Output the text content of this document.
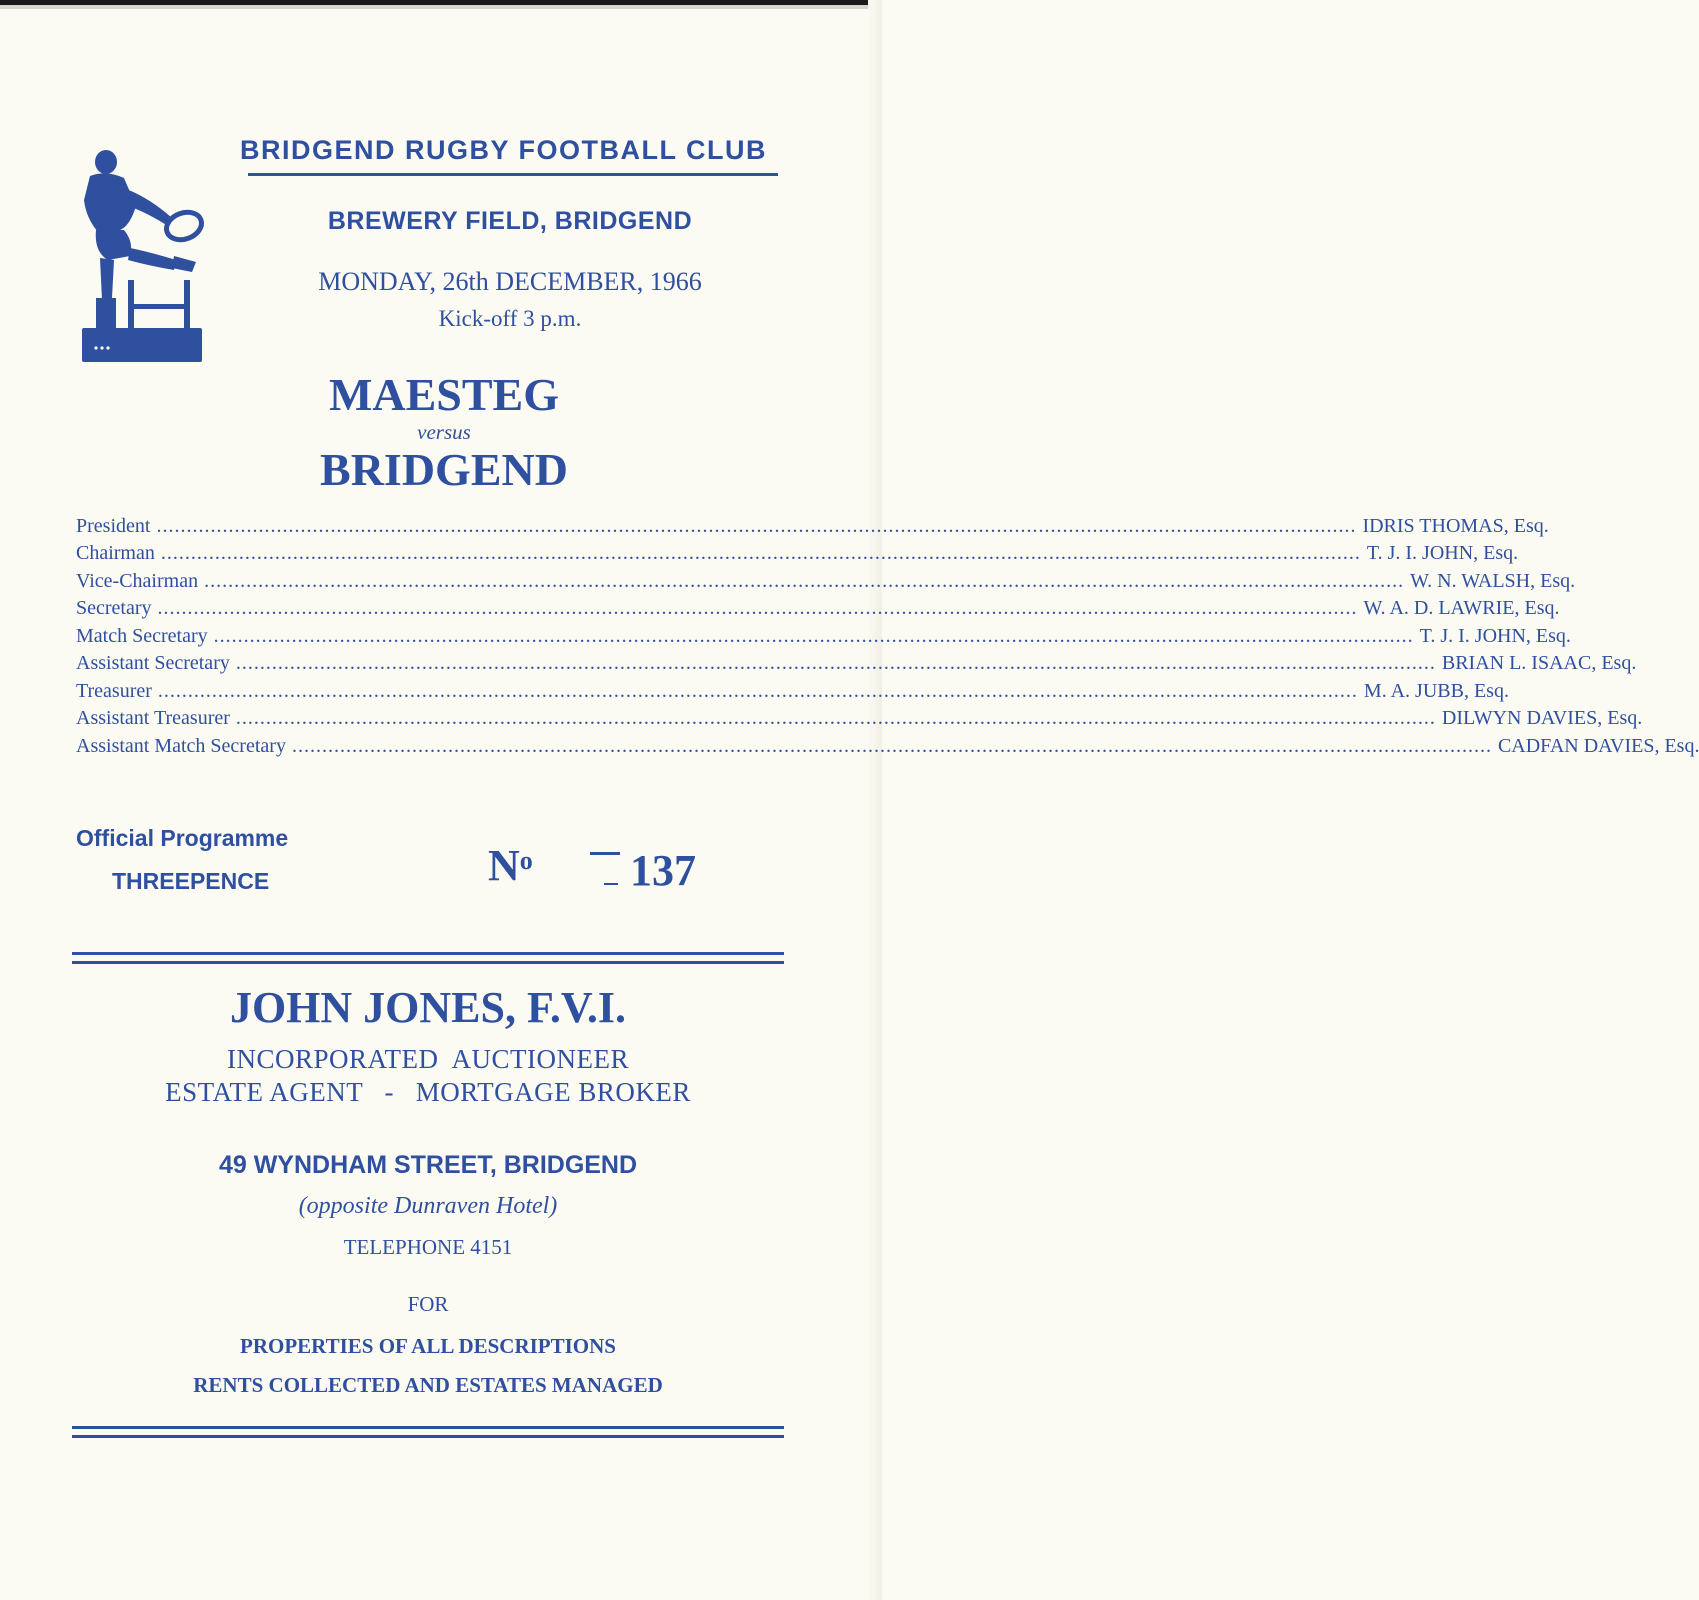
BRIDGEND RUGBY FOOTBALL CLUB
BREWERY FIELD, BRIDGEND
MONDAY, 26th DECEMBER, 1966
Kick-off 3 p.m.
MAESTEG
versus
BRIDGEND
President ........................................................................................................................................................................................................ IDRIS THOMAS, Esq.
Chairman ........................................................................................................................................................................................................ T. J. I. JOHN, Esq.
Vice-Chairman ........................................................................................................................................................................................................ W. N. WALSH, Esq.
Secretary ........................................................................................................................................................................................................ W. A. D. LAWRIE, Esq.
Match Secretary ........................................................................................................................................................................................................ T. J. I. JOHN, Esq.
Assistant Secretary ........................................................................................................................................................................................................ BRIAN L. ISAAC, Esq.
Treasurer ........................................................................................................................................................................................................ M. A. JUBB, Esq.
Assistant Treasurer ........................................................................................................................................................................................................ DILWYN DAVIES, Esq.
Assistant Match Secretary ........................................................................................................................................................................................................ CADFAN DAVIES, Esq.
Official Programme
THREEPENCE	$N^o$ 137
JOHN JONES, F.V.I.
INCORPORATED  AUCTIONEER
ESTATE AGENT   -   MORTGAGE BROKER
49 WYNDHAM STREET, BRIDGEND
(opposite Dunraven Hotel)
TELEPHONE 4151
FOR
PROPERTIES OF ALL DESCRIPTIONS
RENTS COLLECTED AND ESTATES MANAGED
